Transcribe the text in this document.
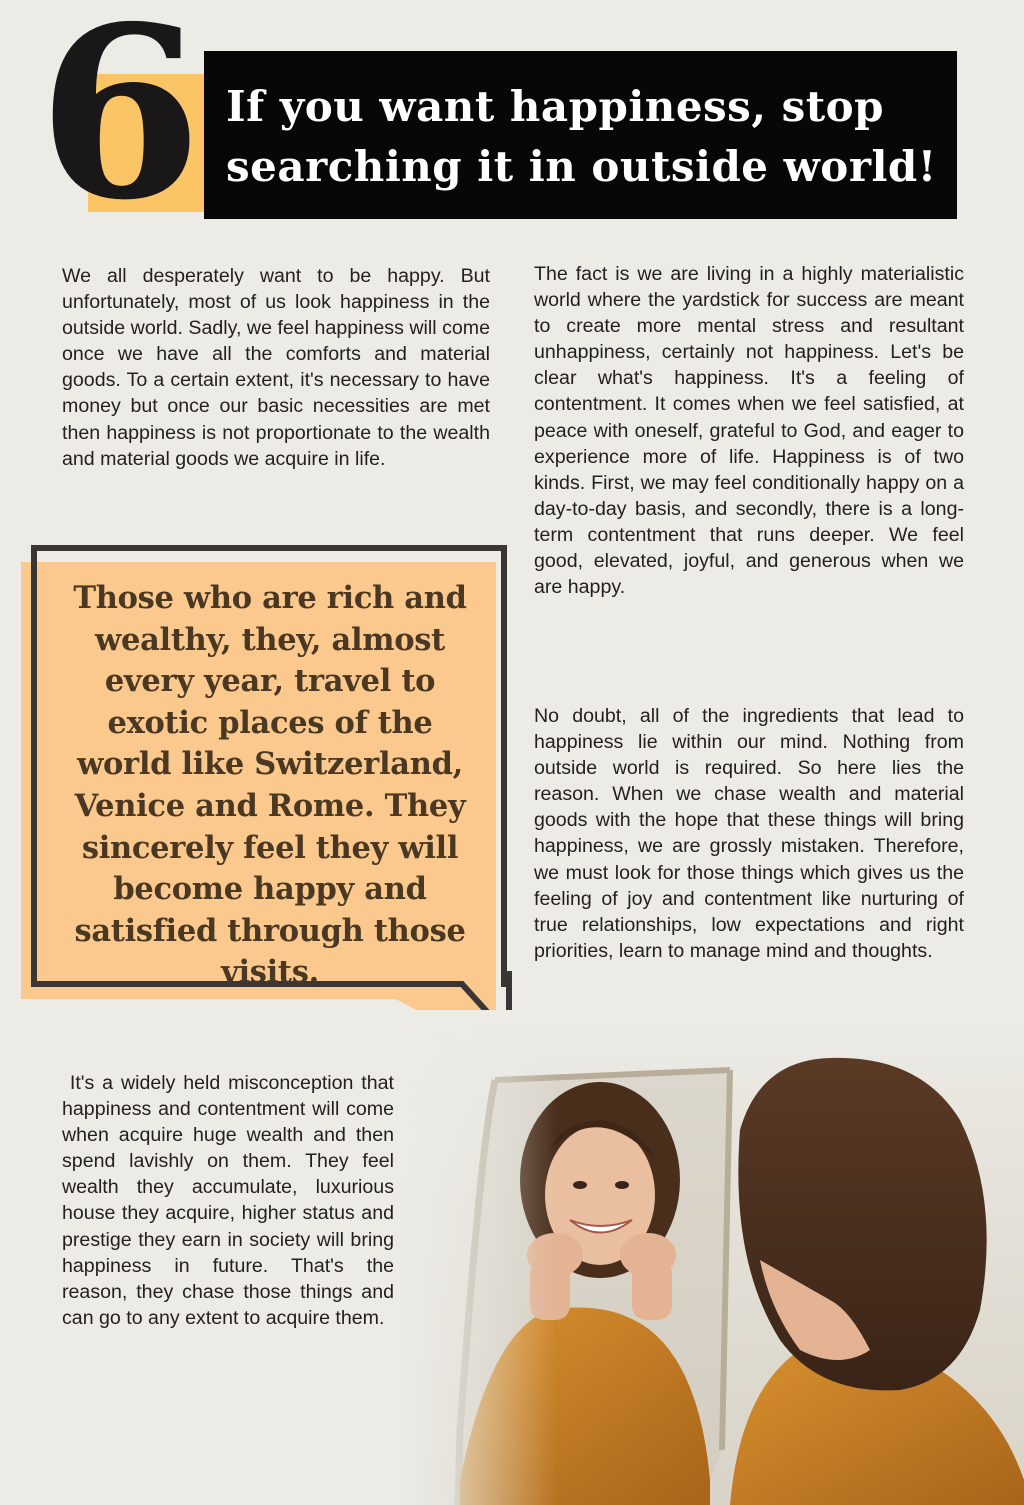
6 If you want happiness, stop
searching it in outside world!

We all desperately want to be happy. But unfortunately, most of us look happiness in the outside world. Sadly, we feel happiness will come once we have all the comforts and material goods. To a certain extent, it's necessary to have money but once our basic necessities are met then happiness is not proportionate to the wealth and material goods we acquire in life.

The fact is we are living in a highly materialistic world where the yardstick for success are meant to create more mental stress and resultant unhappiness, certainly not happiness. Let's be clear what's happiness. It's a feeling of contentment. It comes when we feel satisfied, at peace with oneself, grateful to God, and eager to experience more of life. Happiness is of two kinds. First, we may feel conditionally happy on a day-to-day basis, and secondly, there is a long-term contentment that runs deeper. We feel good, elevated, joyful, and generous when we are happy.

No doubt, all of the ingredients that lead to happiness lie within our mind. Nothing from outside world is required. So here lies the reason. When we chase wealth and material goods with the hope that these things will bring happiness, we are grossly mistaken. Therefore, we must look for those things which gives us the feeling of joy and contentment like nurturing of true relationships, low expectations and right priorities, learn to manage mind and thoughts.

Those who are rich and wealthy, they, almost every year, travel to exotic places of the world like Switzerland, Venice and Rome. They sincerely feel they will become happy and satisfied through those visits.

It's a widely held misconception that happiness and contentment will come when acquire huge wealth and then spend lavishly on them. They feel wealth they accumulate, luxurious house they acquire, higher status and prestige they earn in society will bring happiness in future. That's the reason, they chase those things and can go to any extent to acquire them.
